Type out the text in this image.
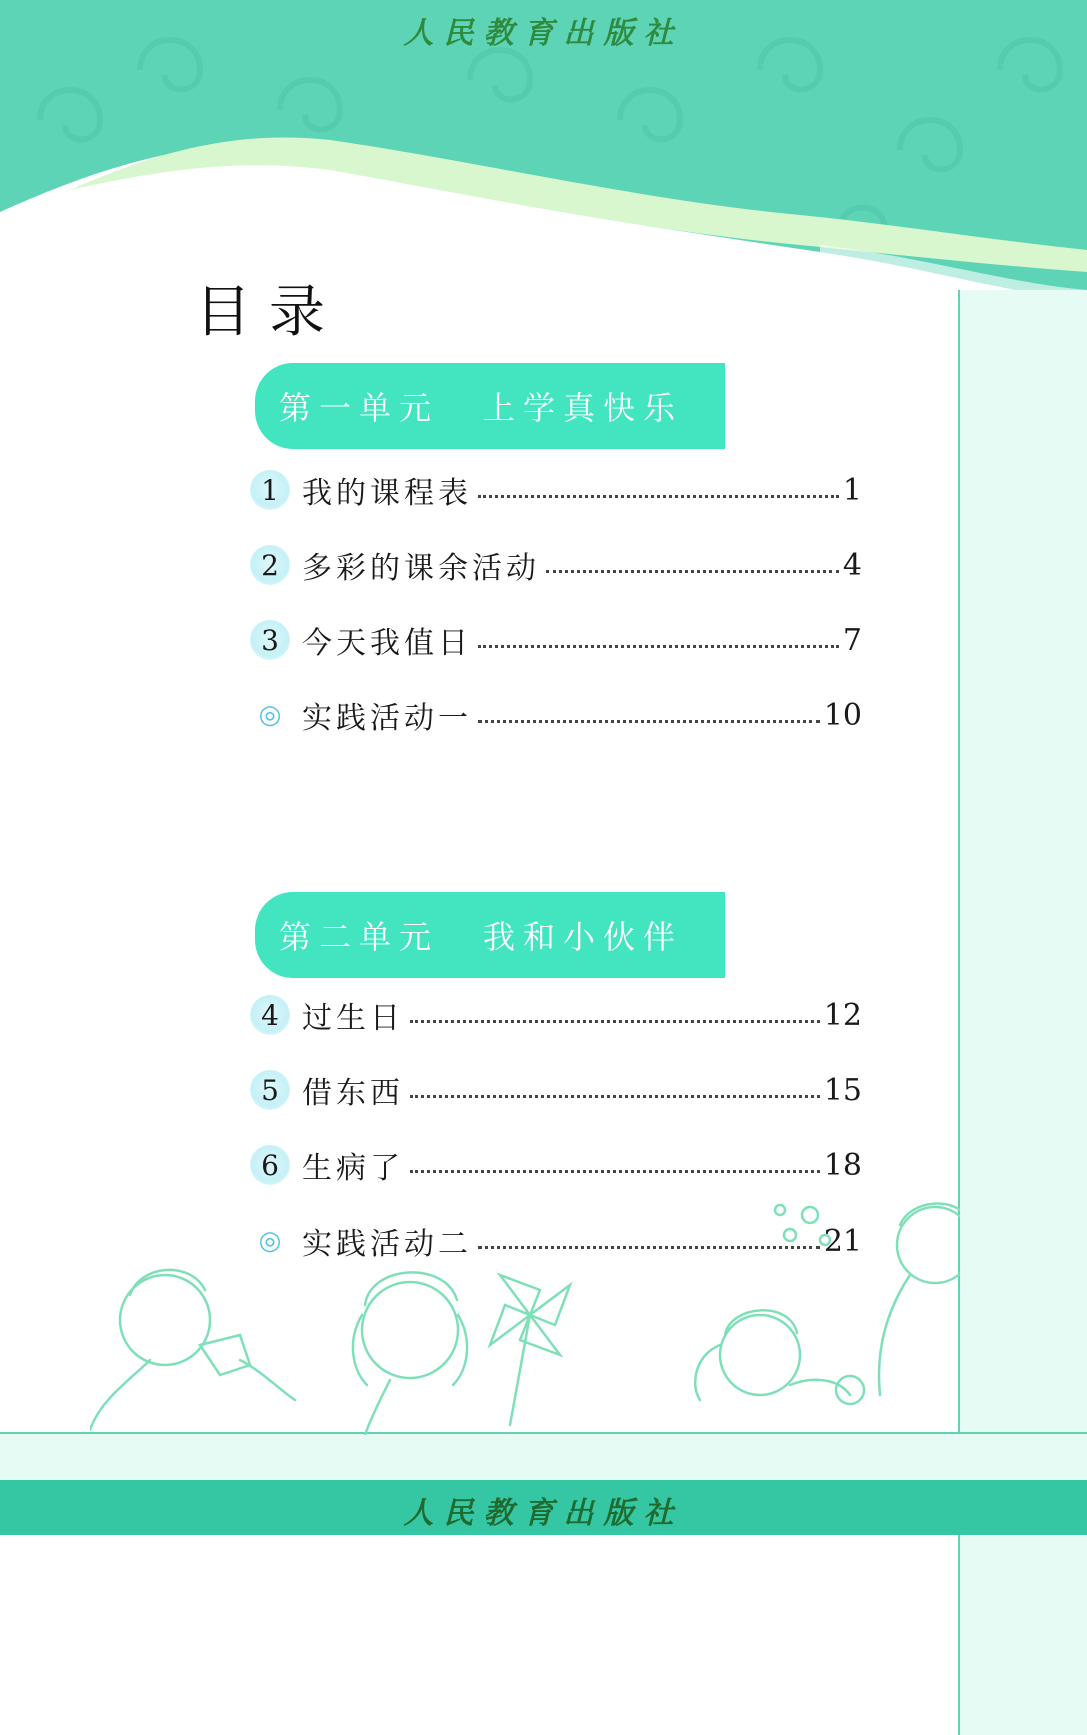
人民教育出版社
人民教育出版社
目录
第一单元 上学真快乐
1 我的课程表	1
2 多彩的课余活动	4
3 今天我值日	7
◎ 实践活动一	10
第二单元 我和小伙伴
4 过生日	12
5 借东西	15
6 生病了	18
◎ 实践活动二	21
